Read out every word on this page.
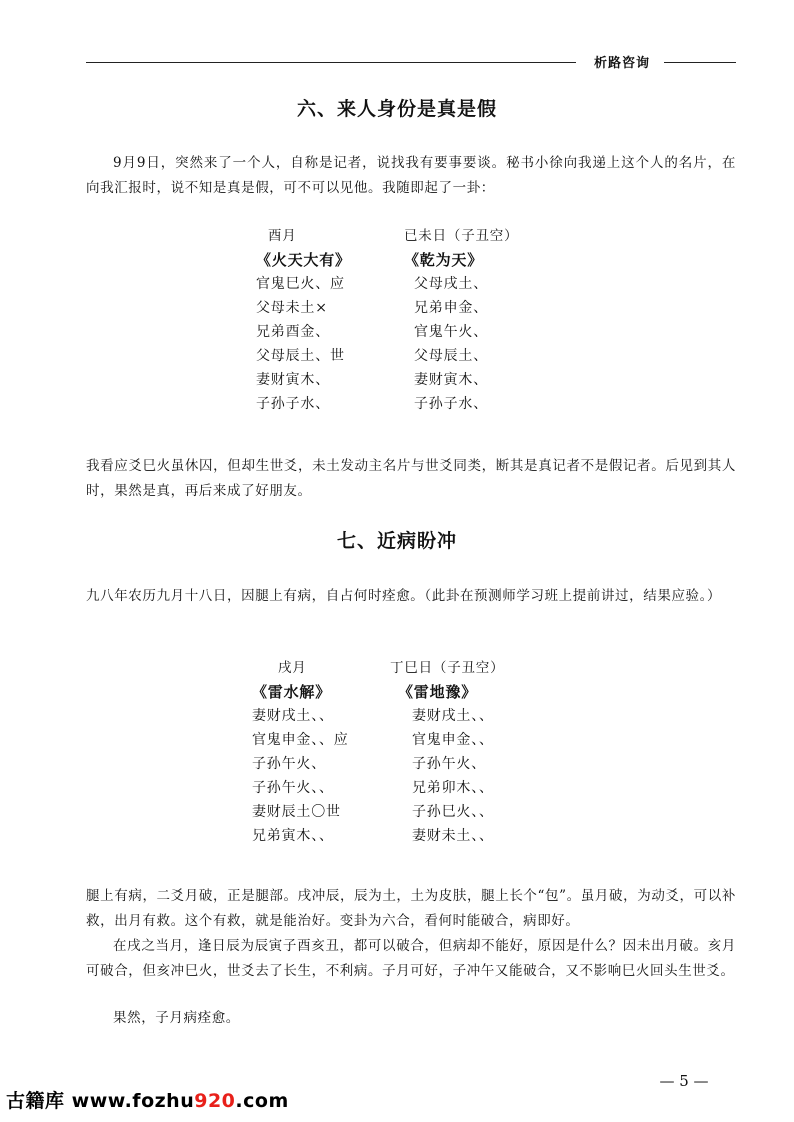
析路咨询
六、来人身份是真是假

9月9日，突然来了一个人，自称是记者，说找我有要事要谈。秘书小徐向我递上这个人的名片，在向我汇报时，说不知是真是假，可不可以见他。我随即起了一卦：

酉月
《火天大有》
官鬼巳火、应
父母未土×
兄弟酉金、
父母辰土、世
妻财寅木、
子孙子水、
已未日（子丑空）
《乾为天》
父母戌土、
兄弟申金、
官鬼午火、
父母辰土、
妻财寅木、
子孙子水、

我看应爻巳火虽休囚，但却生世爻，未土发动主名片与世爻同类，断其是真记者不是假记者。后见到其人时，果然是真，再后来成了好朋友。

七、近病盼冲

九八年农历九月十八日，因腿上有病，自占何时痊愈。（此卦在预测师学习班上提前讲过，结果应验。）

戌月
《雷水解》
妻财戌土、、
官鬼申金、、应
子孙午火、
子孙午火、、
妻财辰土〇世
兄弟寅木、、
丁巳日（子丑空）
《雷地豫》
妻财戌土、、
官鬼申金、、
子孙午火、
兄弟卯木、、
子孙巳火、、
妻财未土、、

腿上有病，二爻月破，正是腿部。戌冲辰，辰为土，土为皮肤，腿上长个“包”。虽月破，为动爻，可以补救，出月有救。这个有救，就是能治好。变卦为六合，看何时能破合，病即好。

在戌之当月，逢日辰为辰寅子酉亥丑，都可以破合，但病却不能好，原因是什么？因未出月破。亥月可破合，但亥冲巳火，世爻去了长生，不利病。子月可好，子冲午又能破合，又不影响巳火回头生世爻。

果然，子月病痊愈。

— 5 —
古籍库 www.fozhu920.com
